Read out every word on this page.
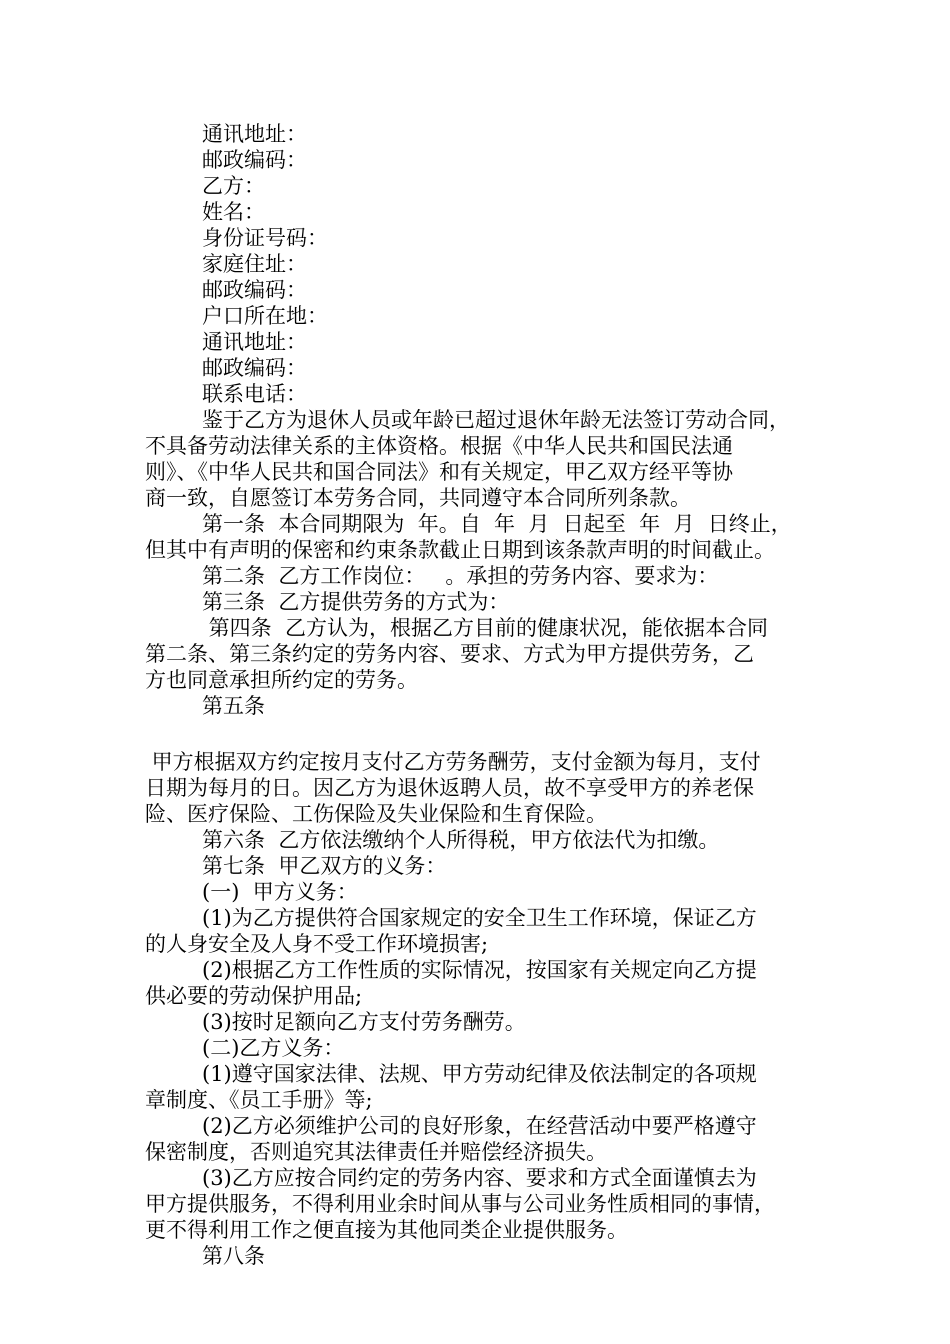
通讯地址：
邮政编码：
乙方：
姓名：
身份证号码：
家庭住址：
邮政编码：
户口所在地：
通讯地址：
邮政编码：
联系电话：
鉴于乙方为退休人员或年龄已超过退休年龄无法签订劳动合同，
不具备劳动法律关系的主体资格。根据《中华人民共和国民法通
则》、《中华人民共和国合同法》和有关规定，甲乙双方经平等协
商一致，自愿签订本劳务合同，共同遵守本合同所列条款。
第一条  本合同期限为  年。自  年  月  日起至  年  月  日终止，
但其中有声明的保密和约束条款截止日期到该条款声明的时间截止。
第二条  乙方工作岗位：   。承担的劳务内容、要求为：
第三条  乙方提供劳务的方式为：
第四条  乙方认为，根据乙方目前的健康状况，能依据本合同
第二条、第三条约定的劳务内容、要求、方式为甲方提供劳务，乙
方也同意承担所约定的劳务。
第五条
甲方根据双方约定按月支付乙方劳务酬劳，支付金额为每月，支付
日期为每月的日。因乙方为退休返聘人员，故不享受甲方的养老保
险、医疗保险、工伤保险及失业保险和生育保险。
第六条  乙方依法缴纳个人所得税，甲方依法代为扣缴。
第七条  甲乙双方的义务：
(一)  甲方义务：
(1)为乙方提供符合国家规定的安全卫生工作环境，保证乙方
的人身安全及人身不受工作环境损害;
(2)根据乙方工作性质的实际情况，按国家有关规定向乙方提
供必要的劳动保护用品;
(3)按时足额向乙方支付劳务酬劳。
(二)乙方义务：
(1)遵守国家法律、法规、甲方劳动纪律及依法制定的各项规
章制度、《员工手册》等;
(2)乙方必须维护公司的良好形象，在经营活动中要严格遵守
保密制度，否则追究其法律责任并赔偿经济损失。
(3)乙方应按合同约定的劳务内容、要求和方式全面谨慎去为
甲方提供服务，不得利用业余时间从事与公司业务性质相同的事情，
更不得利用工作之便直接为其他同类企业提供服务。
第八条
